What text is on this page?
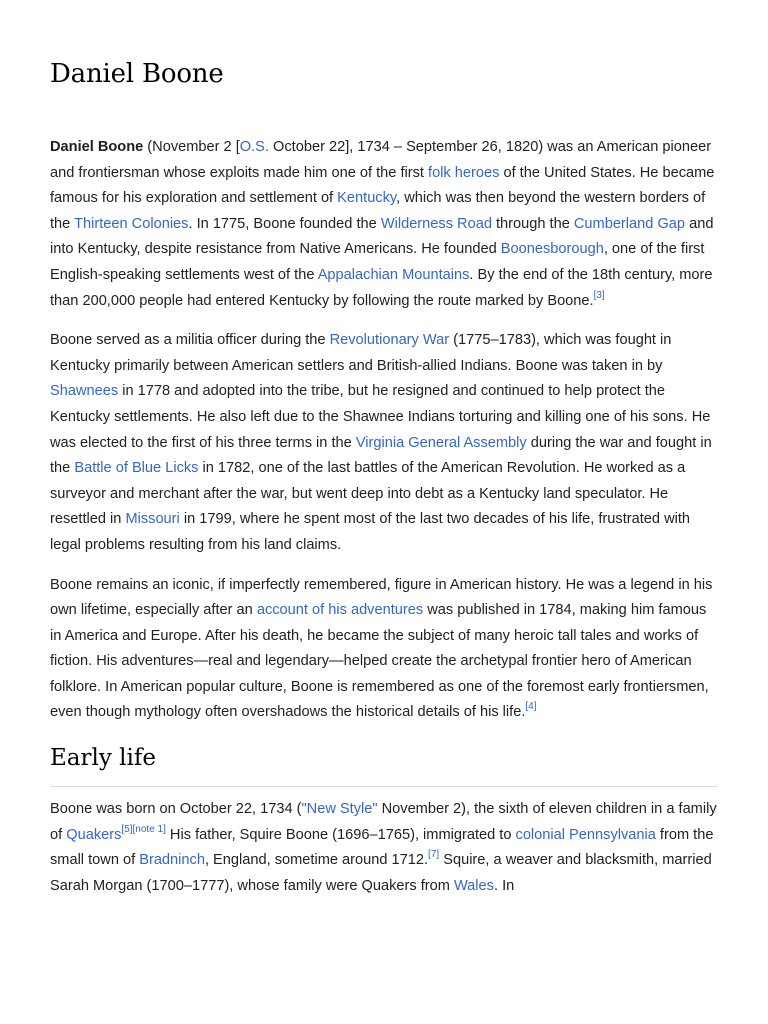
Daniel Boone

Daniel Boone (November 2 [O.S. October 22], 1734 – September 26, 1820) was an American pioneer and frontiersman whose exploits made him one of the first folk heroes of the United States. He became famous for his exploration and settlement of Kentucky, which was then beyond the western borders of the Thirteen Colonies. In 1775, Boone founded the Wilderness Road through the Cumberland Gap and into Kentucky, despite resistance from Native Americans. He founded Boonesborough, one of the first English-speaking settlements west of the Appalachian Mountains. By the end of the 18th century, more than 200,000 people had entered Kentucky by following the route marked by Boone.[3]

Boone served as a militia officer during the Revolutionary War (1775–1783), which was fought in Kentucky primarily between American settlers and British-allied Indians. Boone was taken in by Shawnees in 1778 and adopted into the tribe, but he resigned and continued to help protect the Kentucky settlements. He also left due to the Shawnee Indians torturing and killing one of his sons. He was elected to the first of his three terms in the Virginia General Assembly during the war and fought in the Battle of Blue Licks in 1782, one of the last battles of the American Revolution. He worked as a surveyor and merchant after the war, but went deep into debt as a Kentucky land speculator. He resettled in Missouri in 1799, where he spent most of the last two decades of his life, frustrated with legal problems resulting from his land claims.

Boone remains an iconic, if imperfectly remembered, figure in American history. He was a legend in his own lifetime, especially after an account of his adventures was published in 1784, making him famous in America and Europe. After his death, he became the subject of many heroic tall tales and works of fiction. His adventures—real and legendary—helped create the archetypal frontier hero of American folklore. In American popular culture, Boone is remembered as one of the foremost early frontiersmen, even though mythology often overshadows the historical details of his life.[4]

Early life

Boone was born on October 22, 1734 ("New Style" November 2), the sixth of eleven children in a family of Quakers[5][note 1] His father, Squire Boone (1696–1765), immigrated to colonial Pennsylvania from the small town of Bradninch, England, sometime around 1712.[7] Squire, a weaver and blacksmith, married Sarah Morgan (1700–1777), whose family were Quakers from Wales. In
